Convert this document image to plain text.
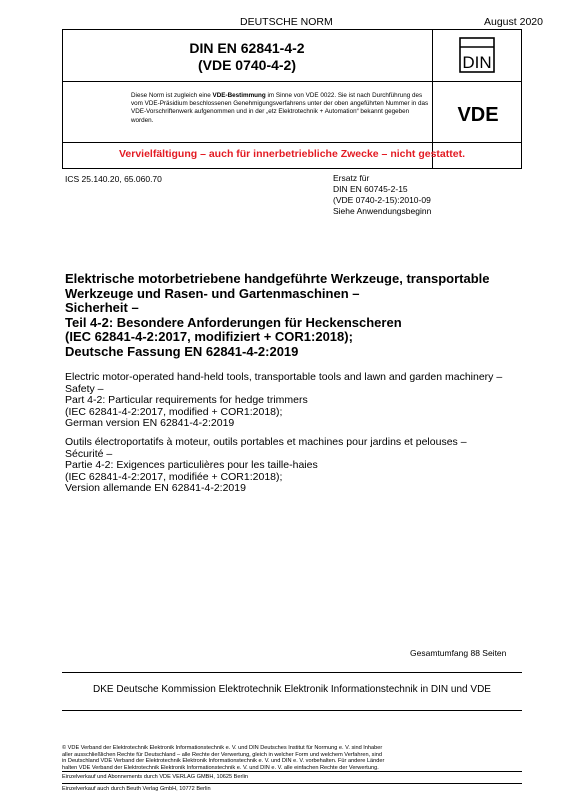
DEUTSCHE NORM	August 2020
DIN EN 62841-4-2
(VDE 0740-4-2)
Diese Norm ist zugleich eine VDE-Bestimmung im Sinne von VDE 0022. Sie ist nach Durchführung des vom VDE-Präsidium beschlossenen Genehmigungsverfahrens unter der oben angeführten Nummer in das VDE-Vorschriftenwerk aufgenommen und in der „etz Elektrotechnik + Automation“ bekannt gegeben worden.
DIN
VDE
Vervielfältigung – auch für innerbetriebliche Zwecke – nicht gestattet.
ICS 25.140.20, 65.060.70	Ersatz für
DIN EN 60745-2-15
(VDE 0740-2-15):2010-09
Siehe Anwendungsbeginn
Elektrische motorbetriebene handgeführte Werkzeuge, transportable
Werkzeuge und Rasen- und Gartenmaschinen –
Sicherheit –
Teil 4-2: Besondere Anforderungen für Heckenscheren
(IEC 62841-4-2:2017, modifiziert + COR1:2018);
Deutsche Fassung EN 62841-4-2:2019
Electric motor-operated hand-held tools, transportable tools and lawn and garden machinery –
Safety –
Part 4-2: Particular requirements for hedge trimmers
(IEC 62841-4-2:2017, modified + COR1:2018);
German version EN 62841-4-2:2019
Outils électroportatifs à moteur, outils portables et machines pour jardins et pelouses –
Sécurité –
Partie 4-2: Exigences particulières pour les taille-haies
(IEC 62841-4-2:2017, modifiée + COR1:2018);
Version allemande EN 62841-4-2:2019
Gesamtumfang 88 Seiten
DKE Deutsche Kommission Elektrotechnik Elektronik Informationstechnik in DIN und VDE
© VDE Verband der Elektrotechnik Elektronik Informationstechnik e. V. und DIN Deutsches Institut für Normung e. V. sind Inhaber
aller ausschließlichen Rechte für Deutschland – alle Rechte der Verwertung, gleich in welcher Form und welchem Verfahren, sind
in Deutschland VDE Verband der Elektrotechnik Elektronik Informationstechnik e. V. und DIN e. V. vorbehalten. Für andere Länder
halten VDE Verband der Elektrotechnik Elektronik Informationstechnik e. V. und DIN e. V. alle einfachen Rechte der Verwertung.
Einzelverkauf und Abonnements durch VDE VERLAG GMBH, 10625 Berlin
Einzelverkauf auch durch Beuth Verlag GmbH, 10772 Berlin
